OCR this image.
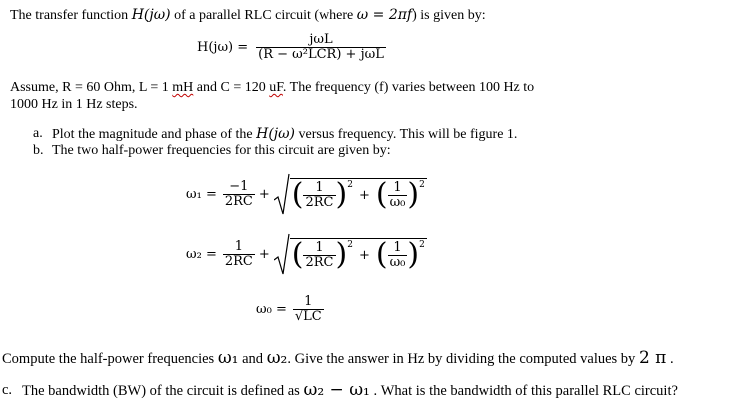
The transfer function H(jω) of a parallel RLC circuit (where ω = 2πf) is given by:
$H(j\omega) = \frac{\text{jωL}}{\text{(R − ω²LCR) + jωL}}$
Assume, R = 60 Ohm, L = 1 mH and C = 120 uF. The frequency (f) varies between 100 Hz to
1000 Hz in 1 Hz steps.
a. Plot the magnitude and phase of the H(jω) versus frequency. This will be figure 1.
b. The two half-power frequencies for this circuit are given by:
$\omega_1 = \frac{-1}{2RC}$ + ( $\frac{1}{2RC} )^2$
+ ( $\frac{1}{\text{ω₀}} )^2$
$\omega_2 = \frac{1}{2RC}$ + ( $\frac{1}{2RC} )^2$
+ ( $\frac{1}{\text{ω₀}} )^2$
$\omega_0 = \frac{1}{√LC}$
Compute the half-power frequencies ω₁ and ω₂. Give the answer in Hz by dividing the computed values by 2 π .
c. The bandwidth (BW) of the circuit is defined as ω₂ − ω₁ . What is the bandwidth of this parallel RLC circuit?
